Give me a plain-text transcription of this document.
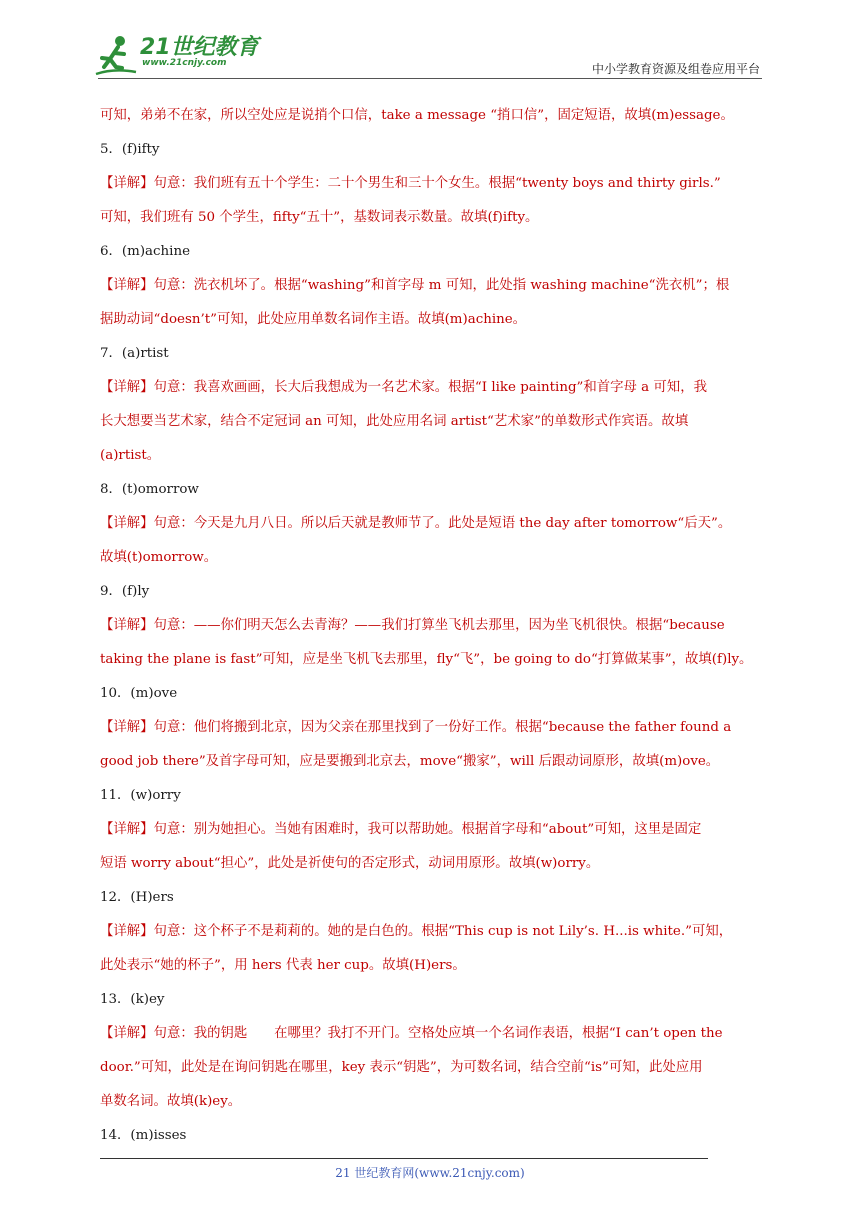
21世纪教育
www.21cnjy.com	中小学教育资源及组卷应用平台
可知，弟弟不在家，所以空处应是说捎个口信，take a message “捎口信”，固定短语，故填(m)essage。
5．(f)ifty
【详解】句意：我们班有五十个学生：二十个男生和三十个女生。根据“twenty boys and thirty girls.”
可知，我们班有 50 个学生，fifty“五十”，基数词表示数量。故填(f)ifty。
6．(m)achine
【详解】句意：洗衣机坏了。根据“washing”和首字母 m 可知，此处指 washing machine“洗衣机”；根
据助动词“doesn’t”可知，此处应用单数名词作主语。故填(m)achine。
7．(a)rtist
【详解】句意：我喜欢画画，长大后我想成为一名艺术家。根据“I like painting”和首字母 a 可知，我
长大想要当艺术家，结合不定冠词 an 可知，此处应用名词 artist“艺术家”的单数形式作宾语。故填
(a)rtist。
8．(t)omorrow
【详解】句意：今天是九月八日。所以后天就是教师节了。此处是短语 the day after tomorrow“后天”。
故填(t)omorrow。
9．(f)ly
【详解】句意：——你们明天怎么去青海？——我们打算坐飞机去那里，因为坐飞机很快。根据“because
taking the plane is fast”可知，应是坐飞机飞去那里，fly“飞”，be going to do“打算做某事”，故填(f)ly。
10．(m)ove
【详解】句意：他们将搬到北京，因为父亲在那里找到了一份好工作。根据“because the father found a
good job there”及首字母可知，应是要搬到北京去，move“搬家”，will 后跟动词原形，故填(m)ove。
11．(w)orry
【详解】句意：别为她担心。当她有困难时，我可以帮助她。根据首字母和“about”可知，这里是固定
短语 worry about“担心”，此处是祈使句的否定形式，动词用原形。故填(w)orry。
12．(H)ers
【详解】句意：这个杯子不是莉莉的。她的是白色的。根据“This cup is not Lily’s. H...is white.”可知，
此处表示“她的杯子”，用 hers 代表 her cup。故填(H)ers。
13．(k)ey
【详解】句意：我的钥匙　　在哪里？我打不开门。空格处应填一个名词作表语，根据“I can’t open the
door.”可知，此处是在询问钥匙在哪里，key 表示“钥匙”，为可数名词，结合空前“is”可知，此处应用
单数名词。故填(k)ey。
14．(m)isses
21 世纪教育网(www.21cnjy.com)
